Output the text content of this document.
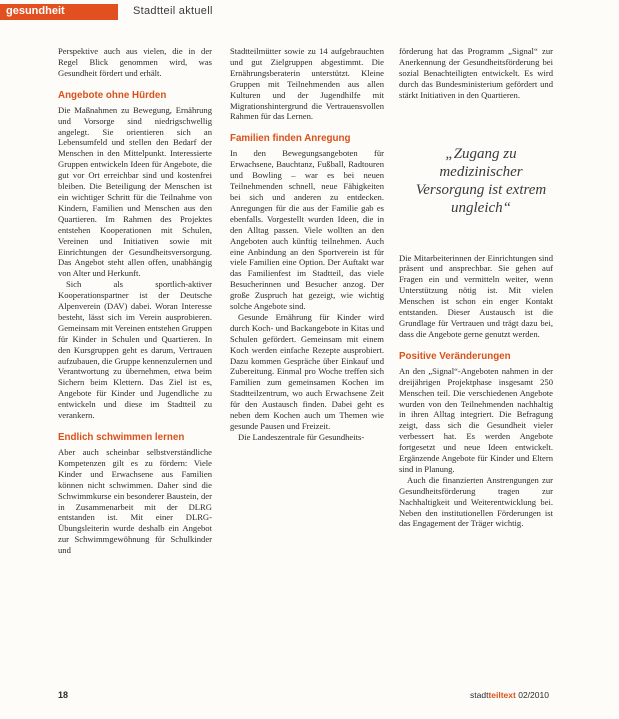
gesundheit	Stadtteil aktuell

Perspektive auch aus vielen, die in der Regel Blick genommen wird, was Gesundheit fördert und erhält.

Angebote ohne Hürden

Die Maßnahmen zu Bewegung, Ernährung und Vorsorge sind niedrigschwellig angelegt. Sie orientieren sich an Lebensumfeld und stellen den Bedarf der Menschen in den Mittelpunkt. Interessierte Gruppen entwickeln Ideen für Angebote, die gut vor Ort erreichbar sind und kostenfrei bleiben. Die Beteiligung der Menschen ist ein wichtiger Schritt für die Teilnahme von Kindern, Familien und Menschen aus den Quartieren. Im Rahmen des Projektes entstehen Kooperationen mit Schulen, Vereinen und Initiativen sowie mit Einrichtungen der Gesundheitsversorgung. Das Angebot steht allen offen, unabhängig von Alter und Herkunft.

Sich als sportlich-aktiver Kooperationspartner ist der Deutsche Alpenverein (DAV) dabei. Woran Interesse besteht, lässt sich im Verein ausprobieren. Gemeinsam mit Vereinen entstehen Gruppen für Kinder in Schulen und Quartieren. In den Kursgruppen geht es darum, Vertrauen aufzubauen, die Gruppe kennenzulernen und Verantwortung zu übernehmen, etwa beim Sichern beim Klettern. Das Ziel ist es, Angebote für Kinder und Jugendliche zu entwickeln und diese im Stadtteil zu verankern.

Endlich schwimmen lernen

Aber auch scheinbar selbstverständliche Kompetenzen gilt es zu fördern: Viele Kinder und Erwachsene aus Familien können nicht schwimmen. Daher sind die Schwimmkurse ein besonderer Baustein, der in Zusammenarbeit mit der DLRG entstanden ist. Mit einer DLRG-Übungsleiterin wurde deshalb ein Angebot zur Schwimmgewöhnung für Schulkinder und

Stadtteilmütter sowie zu 14 aufgebrauchten und gut Zielgruppen abgestimmt. Die Ernährungsberaterin unterstützt. Kleine Gruppen mit Teilnehmenden aus allen Kulturen und der Jugendhilfe mit Migrationshintergrund die Vertrauensvollen Rahmen für das Lernen.

Familien finden Anregung

In den Bewegungsangeboten für Erwachsene, Bauchtanz, Fußball, Radtouren und Bowling – war es bei neuen Teilnehmenden schnell, neue Fähigkeiten bei sich und anderen zu entdecken. Anregungen für die aus der Familie gab es ebenfalls. Vorgestellt wurden Ideen, die in den Alltag passen. Viele wollten an den Angeboten auch künftig teilnehmen. Auch eine Anbindung an den Sportverein ist für viele Familien eine Option. Der Auftakt war das Familienfest im Stadtteil, das viele Besucherinnen und Besucher anzog. Der große Zuspruch hat gezeigt, wie wichtig solche Angebote sind.

Gesunde Ernährung für Kinder wird durch Koch- und Backangebote in Kitas und Schulen gefördert. Gemeinsam mit einem Koch werden einfache Rezepte ausprobiert. Dazu kommen Gespräche über Einkauf und Zubereitung. Einmal pro Woche treffen sich Familien zum gemeinsamen Kochen im Stadtteilzentrum, wo auch Erwachsene Zeit für den Austausch finden. Dabei geht es neben dem Kochen auch um Themen wie gesunde Pausen und Freizeit.

Die Landeszentrale für Gesundheits-

förderung hat das Programm „Signal“ zur Anerkennung der Gesundheitsförderung bei sozial Benachteiligten entwickelt. Es wird durch das Bundesministerium gefördert und stärkt Initiativen in den Quartieren.

„Zugang zu medizinischer Versorgung ist extrem ungleich“

Die Mitarbeiterinnen der Einrichtungen sind präsent und ansprechbar. Sie gehen auf Fragen ein und vermitteln weiter, wenn Unterstützung nötig ist. Mit vielen Menschen ist schon ein enger Kontakt entstanden. Dieser Austausch ist die Grundlage für Vertrauen und trägt dazu bei, dass die Angebote gerne genutzt werden.

Positive Veränderungen

An den „Signal“-Angeboten nahmen in der dreijährigen Projektphase insgesamt 250 Menschen teil. Die verschiedenen Angebote wurden von den Teilnehmenden nachhaltig in ihren Alltag integriert. Die Befragung zeigt, dass sich die Gesundheit vieler verbessert hat. Es werden Angebote fortgesetzt und neue Ideen entwickelt. Ergänzende Angebote für Kinder und Eltern sind in Planung.

Auch die finanzierten Anstrengungen zur Gesundheitsförderung tragen zur Nachhaltigkeit und Weiterentwicklung bei. Neben den institutionellen Förderungen ist das Engagement der Träger wichtig.

18	stadtteiltext 02/2010
